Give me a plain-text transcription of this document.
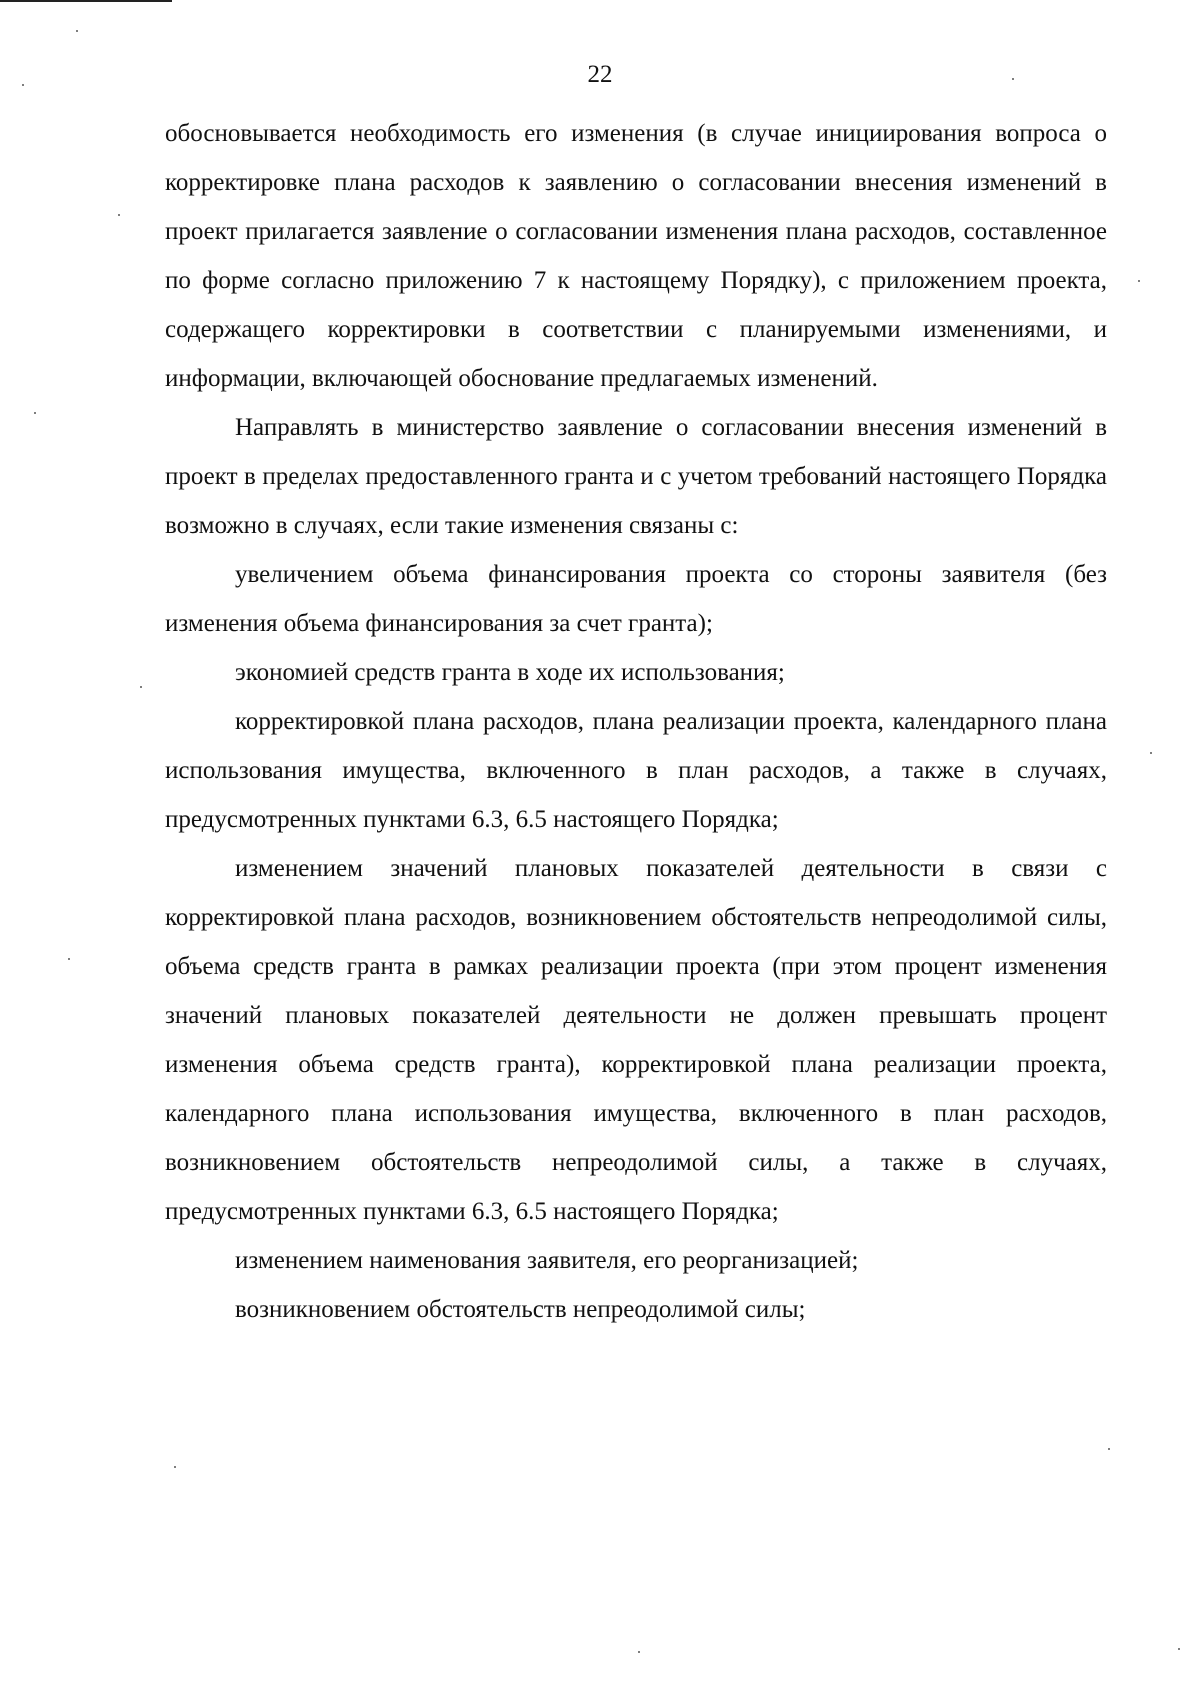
22

обосновывается необходимость его изменения (в случае инициирования вопроса о корректировке плана расходов к заявлению о согласовании внесения изменений в проект прилагается заявление о согласовании изменения плана расходов, составленное по форме согласно приложению 7 к настоящему Порядку), с приложением проекта, содержащего корректировки в соответствии с планируемыми изменениями, и информации, включающей обоснование предлагаемых изменений.

Направлять в министерство заявление о согласовании внесения изменений в проект в пределах предоставленного гранта и с учетом требований настоящего Порядка возможно в случаях, если такие изменения связаны с:

увеличением объема финансирования проекта со стороны заявителя (без изменения объема финансирования за счет гранта);

экономией средств гранта в ходе их использования;

корректировкой плана расходов, плана реализации проекта, календарного плана использования имущества, включенного в план расходов, а также в случаях, предусмотренных пунктами 6.3, 6.5 настоящего Порядка;

изменением значений плановых показателей деятельности в связи с корректировкой плана расходов, возникновением обстоятельств непреодолимой силы, объема средств гранта в рамках реализации проекта (при этом процент изменения значений плановых показателей деятельности не должен превышать процент изменения объема средств гранта), корректировкой плана реализации проекта, календарного плана использования имущества, включенного в план расходов, возникновением обстоятельств непреодолимой силы, а также в случаях, предусмотренных пунктами 6.3, 6.5 настоящего Порядка;

изменением наименования заявителя, его реорганизацией;

возникновением обстоятельств непреодолимой силы;
